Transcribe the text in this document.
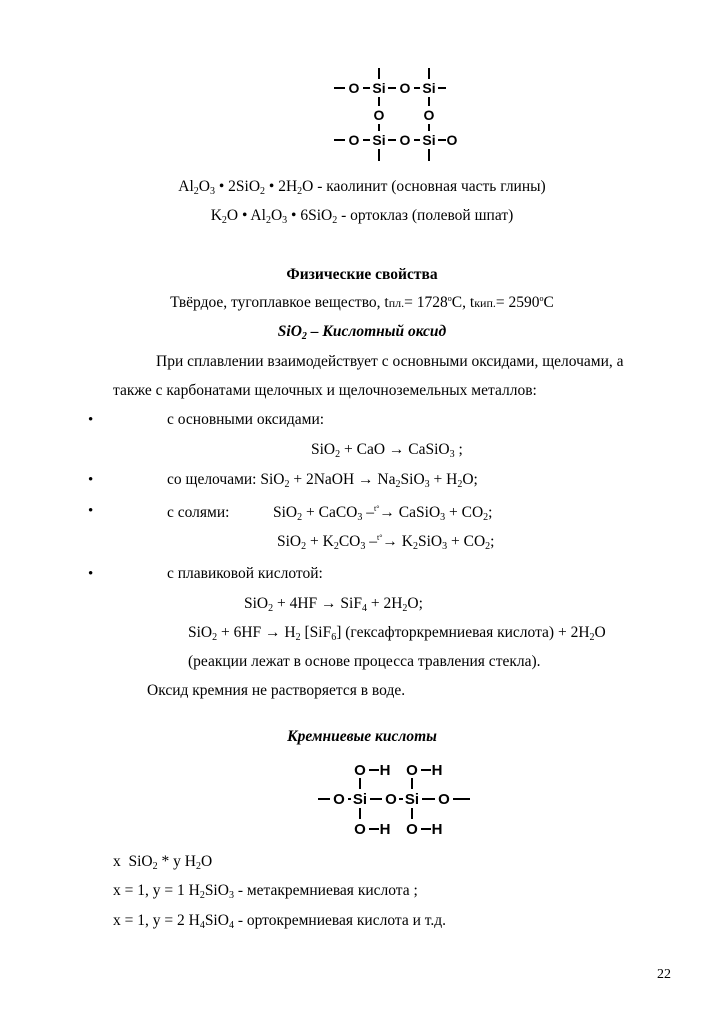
O Si O Si
O	O
O Si O Si O
$Al_2O_3$ • 2SiO$_2$ • $2H_2O$ - каолинит (основная часть глины)
$K_2O$ • $Al_2O_3$ • 6SiO$_2$ - ортоклаз (полевой шпат)
Физические свойства
Твёрдое, тугоплавкое вещество, $tпл.= 1728^oC$, tкип.= $2590^oC$
SiO$_2$ – Кислотный оксид
При сплавлении взаимодействует с основными оксидами, щелочами, а
также с карбонатами щелочных и щелочноземельных металлов:
•	с основными оксидами:
SiO$_2$ + CaO → CaSiO$_3$ ;
•	со щелочами: SiO$_2$ + 2NaOH → $Na_2SiO_3 + H_2O$;
•	с солями:	SiO$_2$ + CaCO$_3$ –$^{t^\circ}$→ CaSiO$_3$ + $CO_2$;
$SiO_2 + K_2CO_3$ $-^{t^\circ}\to K_2SiO_3 + CO_2$;
•	с плавиковой кислотой:
$SiO_2 + 4HF \to SiF_4 + 2H_2O$;
$SiO_2 + 6HF \to H_2$ [SiF$_6$] (гексафторкремниевая кислота) + $2H_2O$
(реакции лежат в основе процесса травления стекла).
Оксид кремния не растворяется в воде.
Кремниевые кислоты
O H O H
O Si O Si O
O H O H
x  SiO$_2$ * y $H_2O$
x = 1, y = 1 $H_2SiO_3$ - метакремниевая кислота ;
x = 1, y = 2 $H_4SiO_4$ - ортокремниевая кислота и т.д.
22
